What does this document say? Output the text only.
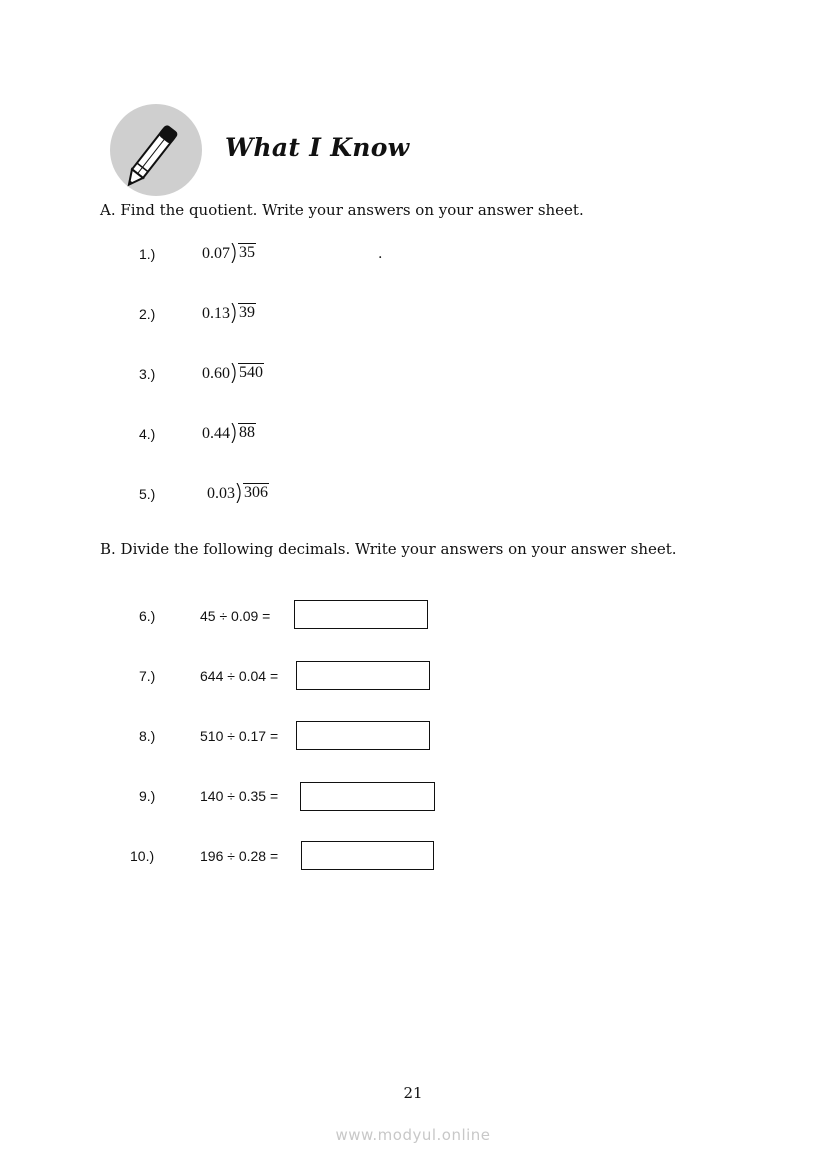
What I Know
A. Find the quotient. Write your answers on your answer sheet.
1.)	0.07 35	.
2.)	0.13 39
3.)	0.60 540
4.)	0.44 88
5.)	0.03 306
B. Divide the following decimals. Write your answers on your answer sheet.
6.)	45 ÷ 0.09 =
7.)	644 ÷ 0.04 =
8.)	510 ÷ 0.17 =
9.)	140 ÷ 0.35 =
10.)	196 ÷ 0.28 =
21
www.modyul.online
